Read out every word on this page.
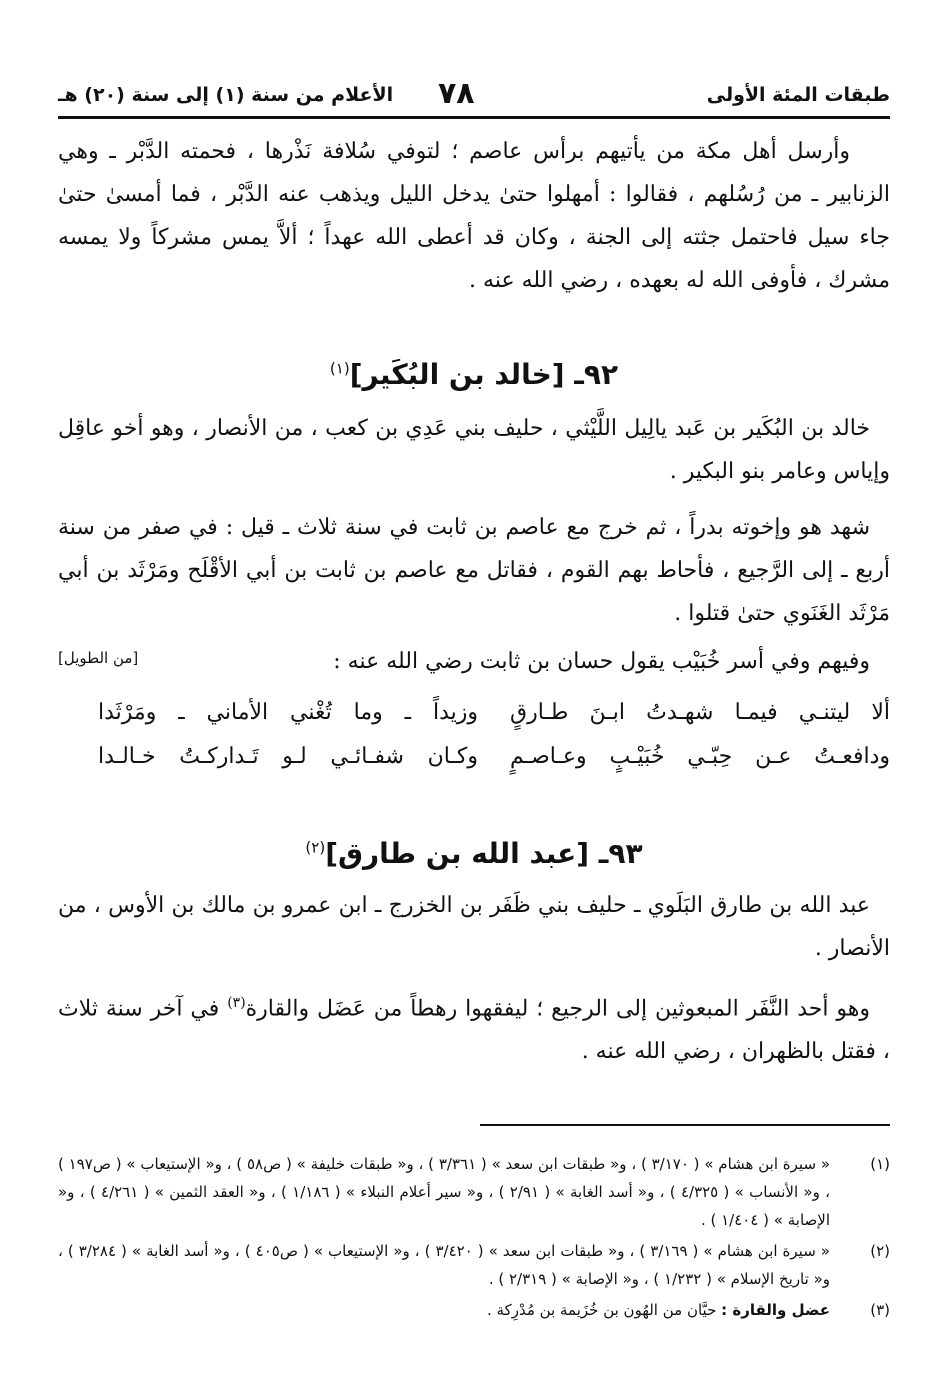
طبقات المئة الأولى
٧٨
الأعلام من سنة (١) إلى سنة (٢٠) هـ

وأرسل أهل مكة من يأتيهم برأس عاصم ؛ لتوفي سُلافة نَذْرها ، فحمته الدَّبْر ـ وهي الزنابير ـ من رُسُلهم ، فقالوا : أمهلوا حتىٰ يدخل الليل ويذهب عنه الدَّبْر ، فما أمسىٰ حتىٰ جاء سيل فاحتمل جثته إلى الجنة ، وكان قد أعطى الله عهداً ؛ ألاَّ يمس مشركاً ولا يمسه مشرك ، فأوفى الله له بعهده ، رضي الله عنه .

٩٢ـ [خالد بن البُكَير]$^{(١)}$

خالد بن البُكَير بن عَبد يالِيل اللَّيْثي ، حليف بني عَدِي بن كعب ، من الأنصار ، وهو أخو عاقِل وإياس وعامر بنو البكير .

شهد هو وإخوته بدراً ، ثم خرج مع عاصم بن ثابت في سنة ثلاث ـ قيل : في صفر من سنة أربع ـ إلى الرَّجيع ، فأحاط بهم القوم ، فقاتل مع عاصم بن ثابت بن أبي الأقْلَح ومَرْثَد بن أبي مَرْثَد الغَنَوي حتىٰ قتلوا .

[من الطويل]	وفيهم وفي أسر خُبَيْب يقول حسان بن ثابت رضي الله عنه :
ألا ليتنـي فيمـا شهـدتُ ابـنَ طـارقٍ
وزيداً ـ وما تُغْني الأماني ـ ومَرْثَدا
ودافعـتُ عـن حِبّـي خُبَيْـبٍ وعـاصـمٍ
وكـان شفـائـي لـو تَـداركـتُ خـالـدا
٩٣ـ [عبد الله بن طارق]$^{(٢)}$

عبد الله بن طارق البَلَوي ـ حليف بني ظَفَر بن الخزرج ـ ابن عمرو بن مالك بن الأوس ، من الأنصار .

وهو أحد النَّفَر المبعوثين إلى الرجيع ؛ ليفقهوا رهطاً من عَضَل والقارة$^{(٣)}$ في آخر سنة ثلاث ، فقتل بالظهران ، رضي الله عنه .

(١)
« سيرة ابن هشام » ( ٣/١٧٠ ) ، و« طبقات ابن سعد » ( ٣/٣٦١ ) ، و« طبقات خليفة » ( ص٥٨ ) ، و« الإستيعاب » ( ص١٩٧ ) ، و« الأنساب » ( ٤/٣٢٥ ) ، و« أسد الغابة » ( ٢/٩١ ) ، و« سير أعلام النبلاء » ( ١/١٨٦ ) ، و« العقد الثمين » ( ٤/٢٦١ ) ، و« الإصابة » ( ١/٤٠٤ ) .
(٢)
« سيرة ابن هشام » ( ٣/١٦٩ ) ، و« طبقات ابن سعد » ( ٣/٤٢٠ ) ، و« الإستيعاب » ( ص٤٠٥ ) ، و« أسد الغابة » ( ٣/٢٨٤ ) ، و« تاريخ الإسلام » ( ١/٢٣٢ ) ، و« الإصابة » ( ٢/٣١٩ ) .
(٣)
عضل والقارة : حيَّان من الهُون بن خُزَيمة بن مُدْرِكة .
